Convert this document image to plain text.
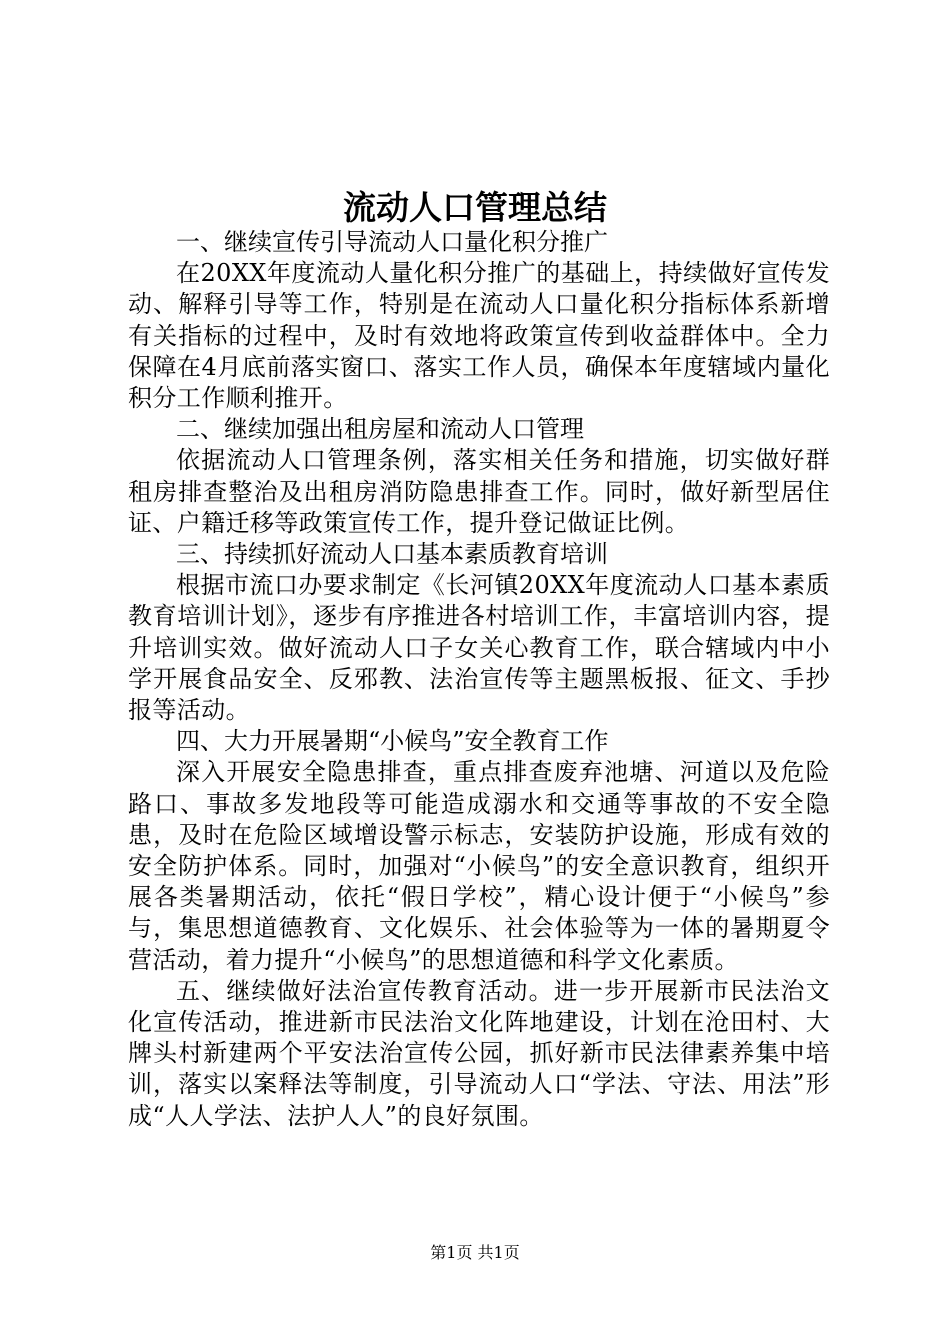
流动人口管理总结

一、继续宣传引导流动人口量化积分推广

在20XX年度流动人量化积分推广的基础上，持续做好宣传发动、解释引导等工作，特别是在流动人口量化积分指标体系新增有关指标的过程中，及时有效地将政策宣传到收益群体中。全力保障在4月底前落实窗口、落实工作人员，确保本年度辖域内量化积分工作顺利推开。

二、继续加强出租房屋和流动人口管理

依据流动人口管理条例，落实相关任务和措施，切实做好群租房排查整治及出租房消防隐患排查工作。同时，做好新型居住证、户籍迁移等政策宣传工作，提升登记做证比例。

三、持续抓好流动人口基本素质教育培训

根据市流口办要求制定《长河镇20XX年度流动人口基本素质教育培训计划》，逐步有序推进各村培训工作，丰富培训内容，提升培训实效。做好流动人口子女关心教育工作，联合辖域内中小学开展食品安全、反邪教、法治宣传等主题黑板报、征文、手抄报等活动。

四、大力开展暑期“小候鸟”安全教育工作

深入开展安全隐患排查，重点排查废弃池塘、河道以及危险路口、事故多发地段等可能造成溺水和交通等事故的不安全隐患，及时在危险区域增设警示标志，安装防护设施，形成有效的安全防护体系。同时，加强对“小候鸟”的安全意识教育，组织开展各类暑期活动，依托“假日学校”，精心设计便于“小候鸟”参与，集思想道德教育、文化娱乐、社会体验等为一体的暑期夏令营活动，着力提升“小候鸟”的思想道德和科学文化素质。

五、继续做好法治宣传教育活动。进一步开展新市民法治文化宣传活动，推进新市民法治文化阵地建设，计划在沧田村、大牌头村新建两个平安法治宣传公园，抓好新市民法律素养集中培训，落实以案释法等制度，引导流动人口“学法、守法、用法”形成“人人学法、法护人人”的良好氛围。

第1页 共1页
